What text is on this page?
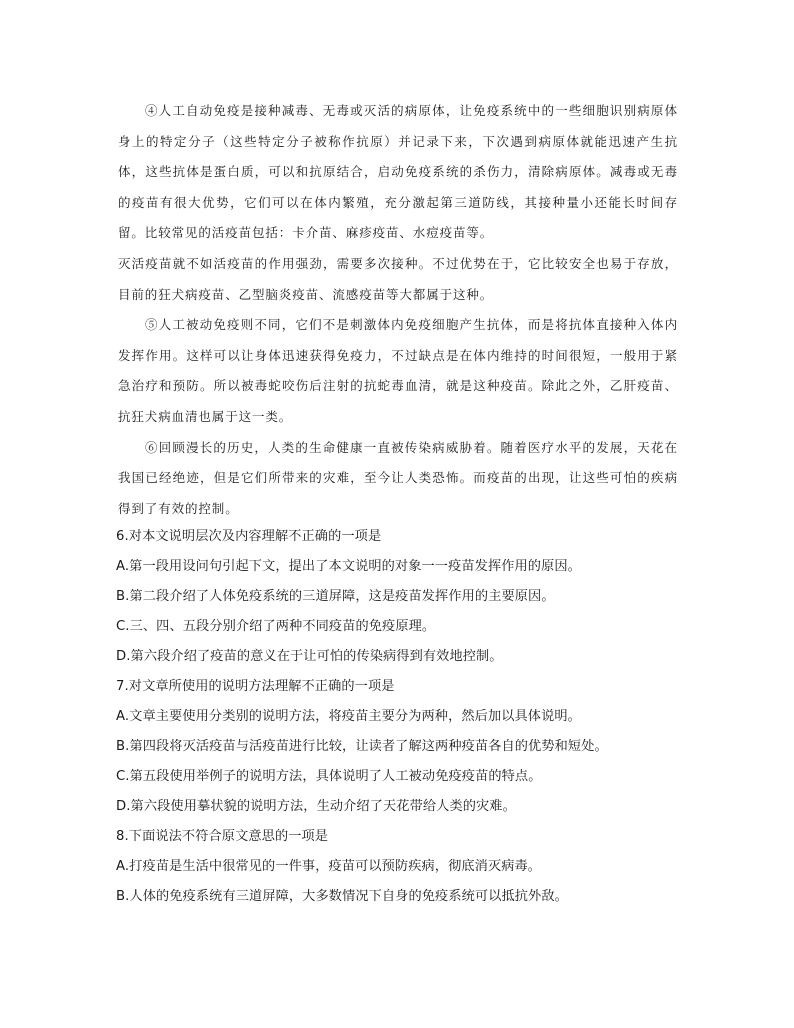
④人工自动免疫是接种减毒、无毒或灭活的病原体，让免疫系统中的一些细胞识别病原体身上的特定分子（这些特定分子被称作抗原）并记录下来，下次遇到病原体就能迅速产生抗体，这些抗体是蛋白质，可以和抗原结合，启动免疫系统的杀伤力，清除病原体。减毒或无毒的疫苗有很大优势，它们可以在体内繁殖，充分激起第三道防线，其接种量小还能长时间存留。比较常见的活疫苗包括：卡介苗、麻疹疫苗、水痘疫苗等。

灭活疫苗就不如活疫苗的作用强劲，需要多次接种。不过优势在于，它比较安全也易于存放，目前的狂犬病疫苗、乙型脑炎疫苗、流感疫苗等大都属于这种。

⑤人工被动免疫则不同，它们不是刺激体内免疫细胞产生抗体，而是将抗体直接种入体内发挥作用。这样可以让身体迅速获得免疫力，不过缺点是在体内维持的时间很短，一般用于紧急治疗和预防。所以被毒蛇咬伤后注射的抗蛇毒血清，就是这种疫苗。除此之外，乙肝疫苗、抗狂犬病血清也属于这一类。

⑥回顾漫长的历史，人类的生命健康一直被传染病威胁着。随着医疗水平的发展，天花在我国已经绝迹，但是它们所带来的灾难，至今让人类恐怖。而疫苗的出现，让这些可怕的疾病得到了有效的控制。

6.对本文说明层次及内容理解不正确的一项是

A.第一段用设问句引起下文，提出了本文说明的对象一一疫苗发挥作用的原因。

B.第二段介绍了人体免疫系统的三道屏障，这是疫苗发挥作用的主要原因。

C.三、四、五段分别介绍了两种不同疫苗的免疫原理。

D.第六段介绍了疫苗的意义在于让可怕的传染病得到有效地控制。

7.对文章所使用的说明方法理解不正确的一项是

A.文章主要使用分类别的说明方法，将疫苗主要分为两种，然后加以具体说明。

B.第四段将灭活疫苗与活疫苗进行比较，让读者了解这两种疫苗各自的优势和短处。

C.第五段使用举例子的说明方法，具体说明了人工被动免疫疫苗的特点。

D.第六段使用摹状貌的说明方法，生动介绍了天花带给人类的灾难。

8.下面说法不符合原文意思的一项是

A.打疫苗是生活中很常见的一件事，疫苗可以预防疾病，彻底消灭病毒。

B.人体的免疫系统有三道屏障，大多数情况下自身的免疫系统可以抵抗外敌。
